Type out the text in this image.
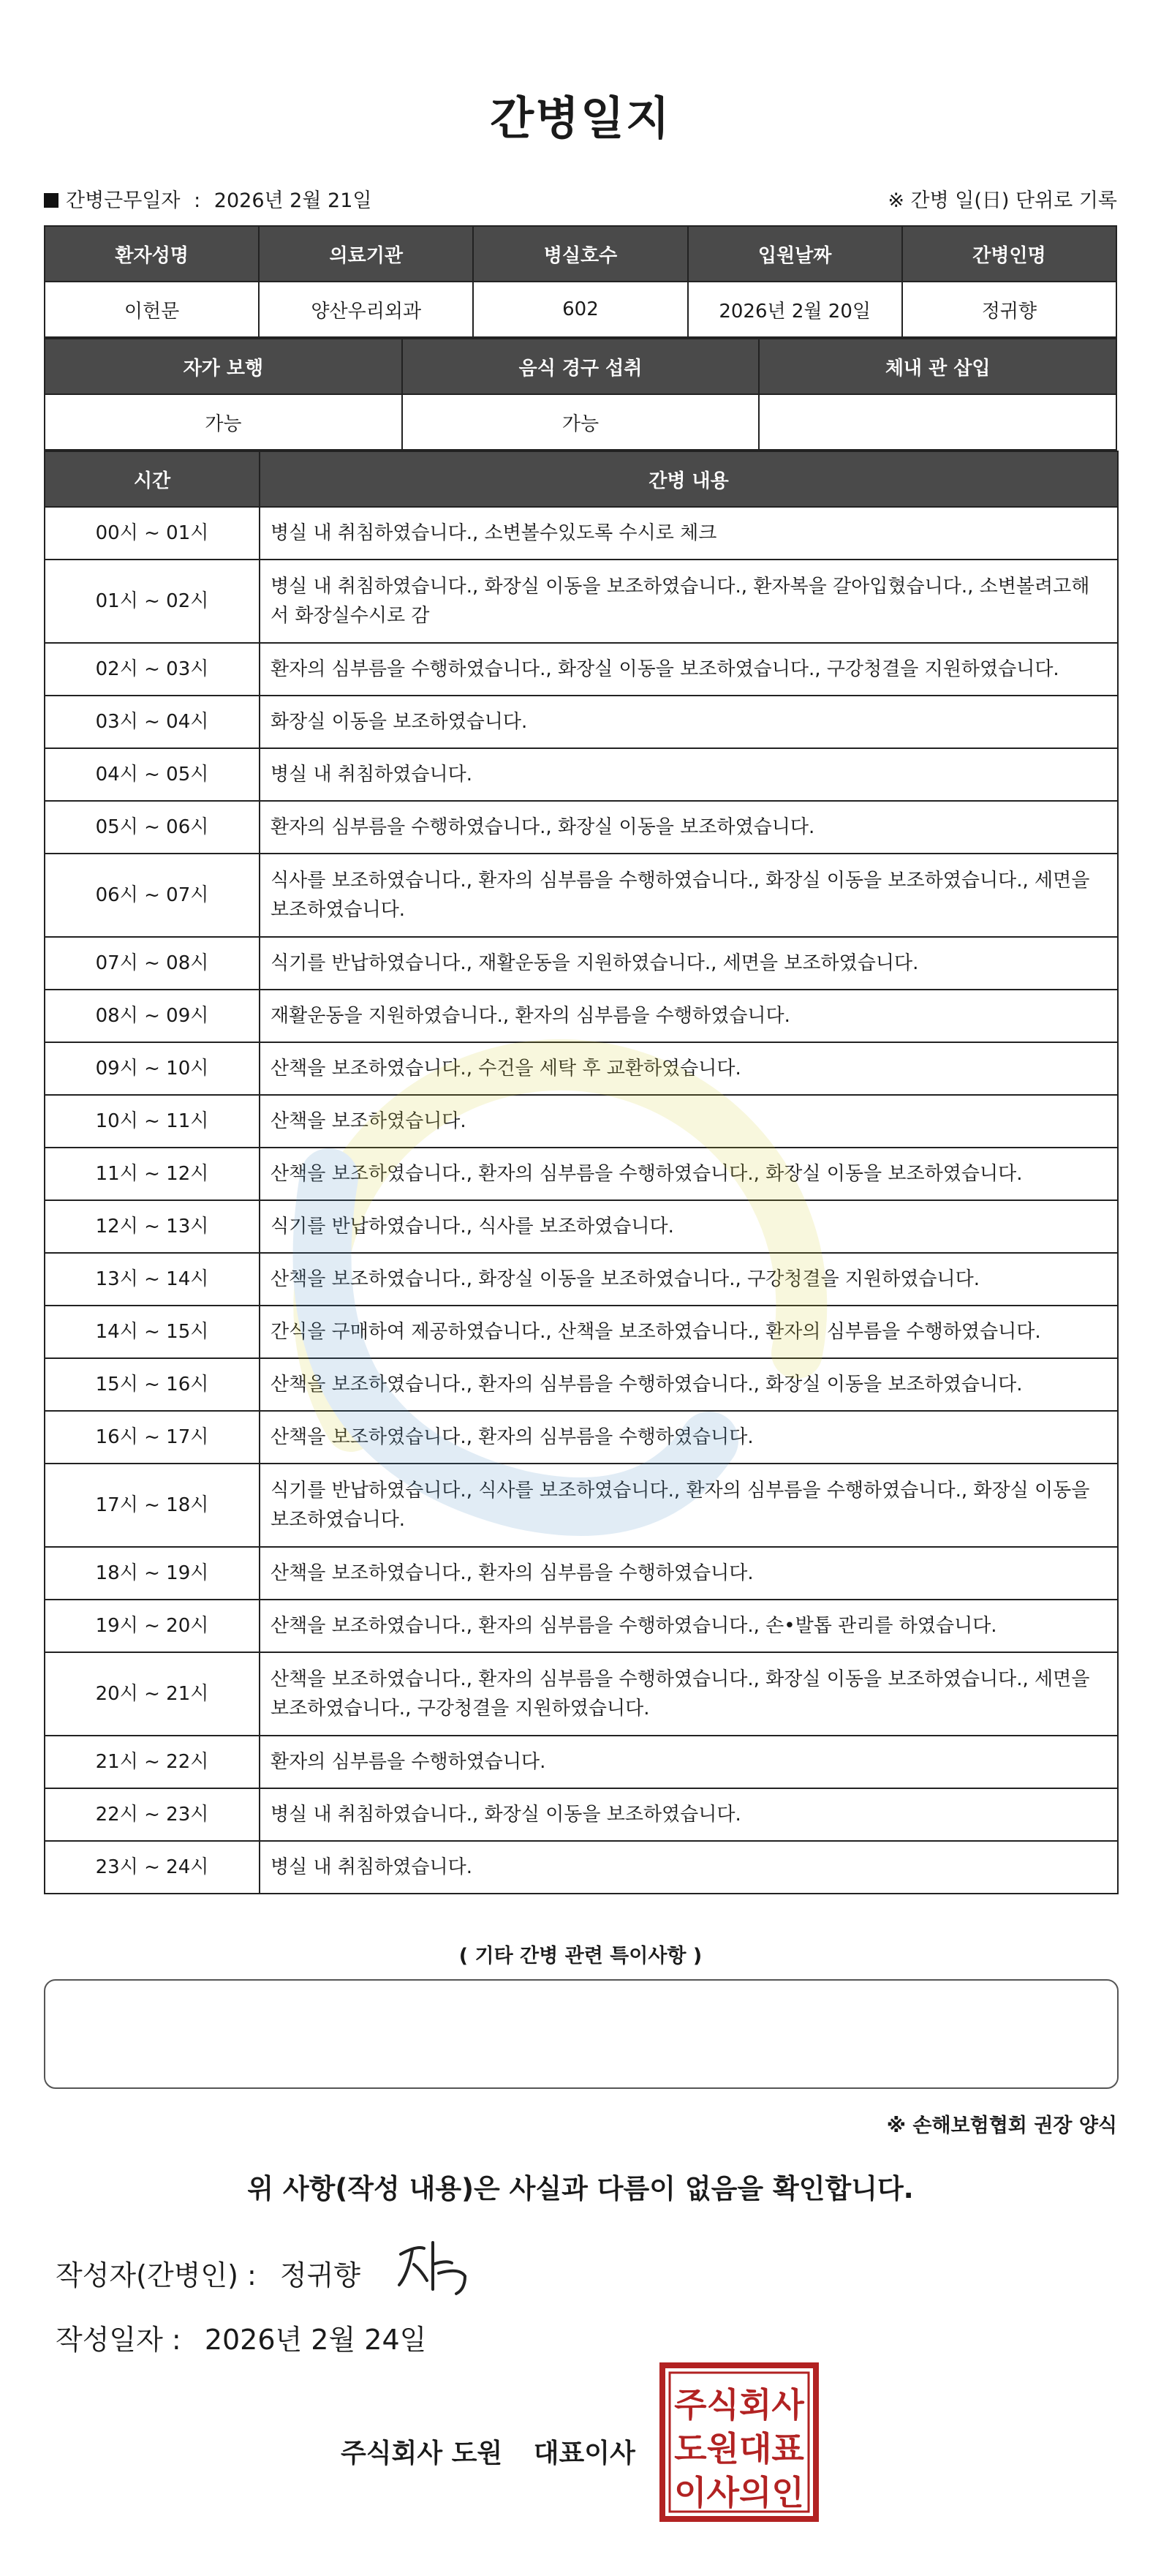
간병일지
간병근무일자 : 2026년 2월 21일	※ 간병 일(日) 단위로 기록
환자성명	의료기관	병실호수	입원날짜	간병인명
이헌문	양산우리외과	602	2026년 2월 20일	정귀향
자가 보행	음식 경구 섭취	체내 관 삽입
가능	가능	
시간	간병 내용
00시 ~ 01시	병실 내 취침하였습니다., 소변볼수있도록 수시로 체크
01시 ~ 02시	병실 내 취침하였습니다., 화장실 이동을 보조하였습니다., 환자복을 갈아입혔습니다., 소변볼려고해서 화장실수시로 감
02시 ~ 03시	환자의 심부름을 수행하였습니다., 화장실 이동을 보조하였습니다., 구강청결을 지원하였습니다.
03시 ~ 04시	화장실 이동을 보조하였습니다.
04시 ~ 05시	병실 내 취침하였습니다.
05시 ~ 06시	환자의 심부름을 수행하였습니다., 화장실 이동을 보조하였습니다.
06시 ~ 07시	식사를 보조하였습니다., 환자의 심부름을 수행하였습니다., 화장실 이동을 보조하였습니다., 세면을 보조하였습니다.
07시 ~ 08시	식기를 반납하였습니다., 재활운동을 지원하였습니다., 세면을 보조하였습니다.
08시 ~ 09시	재활운동을 지원하였습니다., 환자의 심부름을 수행하였습니다.
09시 ~ 10시	산책을 보조하였습니다., 수건을 세탁 후 교환하였습니다.
10시 ~ 11시	산책을 보조하였습니다.
11시 ~ 12시	산책을 보조하였습니다., 환자의 심부름을 수행하였습니다., 화장실 이동을 보조하였습니다.
12시 ~ 13시	식기를 반납하였습니다., 식사를 보조하였습니다.
13시 ~ 14시	산책을 보조하였습니다., 화장실 이동을 보조하였습니다., 구강청결을 지원하였습니다.
14시 ~ 15시	간식을 구매하여 제공하였습니다., 산책을 보조하였습니다., 환자의 심부름을 수행하였습니다.
15시 ~ 16시	산책을 보조하였습니다., 환자의 심부름을 수행하였습니다., 화장실 이동을 보조하였습니다.
16시 ~ 17시	산책을 보조하였습니다., 환자의 심부름을 수행하였습니다.
17시 ~ 18시	식기를 반납하였습니다., 식사를 보조하였습니다., 환자의 심부름을 수행하였습니다., 화장실 이동을 보조하였습니다.
18시 ~ 19시	산책을 보조하였습니다., 환자의 심부름을 수행하였습니다.
19시 ~ 20시	산책을 보조하였습니다., 환자의 심부름을 수행하였습니다., 손•발톱 관리를 하였습니다.
20시 ~ 21시	산책을 보조하였습니다., 환자의 심부름을 수행하였습니다., 화장실 이동을 보조하였습니다., 세면을 보조하였습니다., 구강청결을 지원하였습니다.
21시 ~ 22시	환자의 심부름을 수행하였습니다.
22시 ~ 23시	병실 내 취침하였습니다., 화장실 이동을 보조하였습니다.
23시 ~ 24시	병실 내 취침하였습니다.
( 기타 간병 관련 특이사항 )
※ 손해보험협회 권장 양식
위 사항(작성 내용)은 사실과 다름이 없음을 확인합니다.
작성자(간병인) : 정귀향
작성일자 : 2026년 2월 24일
주식회사 도원 대표이사
주식회사
도원대표
이사의인
